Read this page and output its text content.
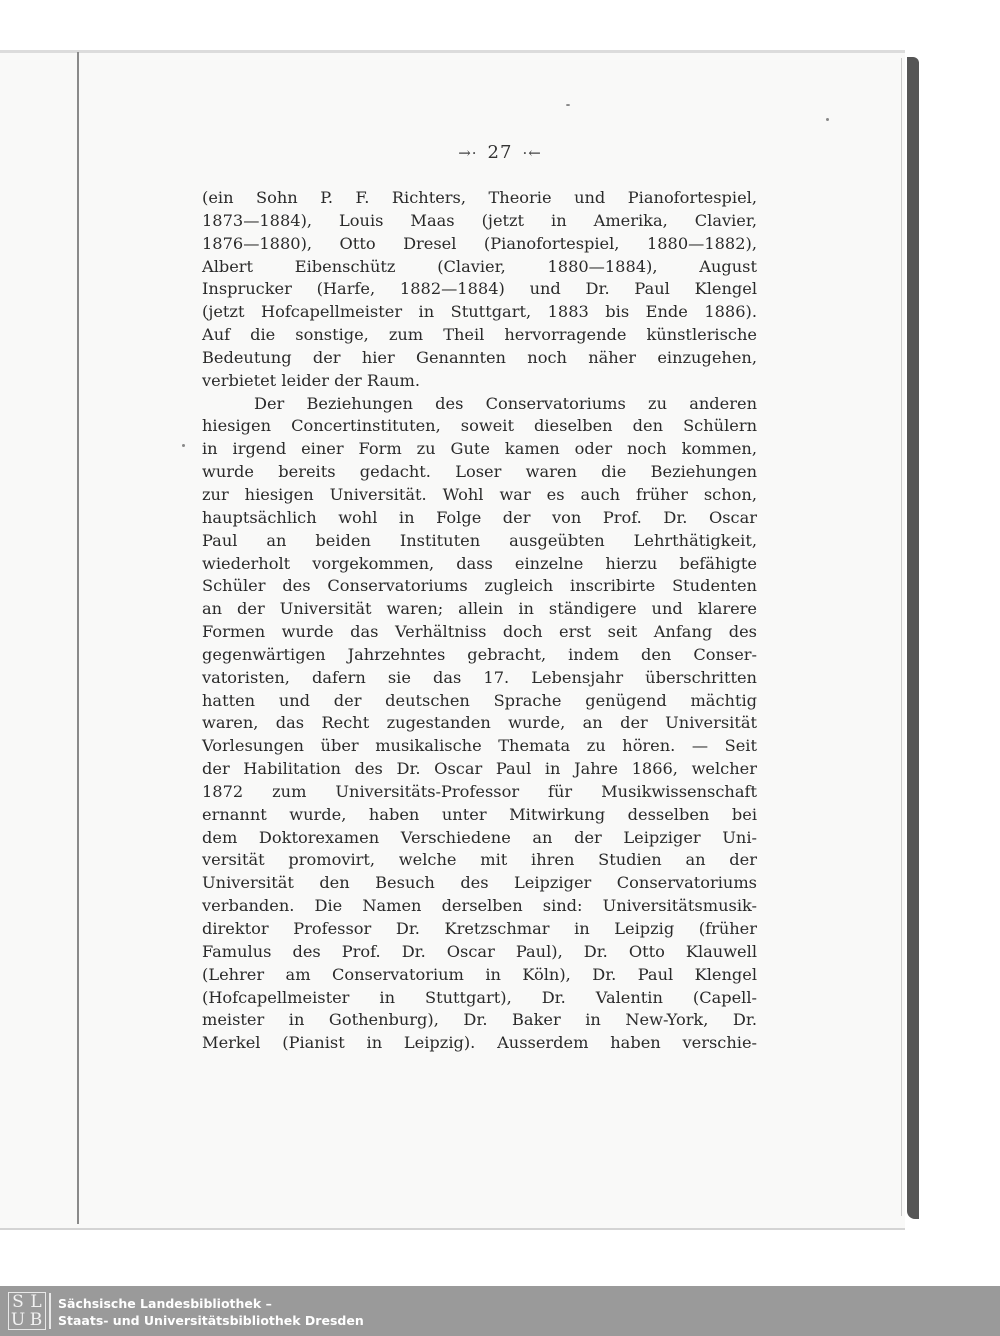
→· 27 ·←
(ein Sohn P. F. Richters, Theorie und Pianofortespiel,
1873—1884), Louis Maas (jetzt in Amerika, Clavier,
1876—1880), Otto Dresel (Pianofortespiel, 1880—1882),
Albert Eibenschütz (Clavier, 1880—1884), August
Insprucker (Harfe, 1882—1884) und Dr. Paul Klengel
(jetzt Hofcapellmeister in Stuttgart, 1883 bis Ende 1886).
Auf die sonstige, zum Theil hervorragende künstlerische
Bedeutung der hier Genannten noch näher einzugehen,
verbietet leider der Raum.
Der Beziehungen des Conservatoriums zu anderen
hiesigen Concertinstituten, soweit dieselben den Schülern
in irgend einer Form zu Gute kamen oder noch kommen,
wurde bereits gedacht. Loser waren die Beziehungen
zur hiesigen Universität. Wohl war es auch früher schon,
hauptsächlich wohl in Folge der von Prof. Dr. Oscar
Paul an beiden Instituten ausgeübten Lehrthätigkeit,
wiederholt vorgekommen, dass einzelne hierzu befähigte
Schüler des Conservatoriums zugleich inscribirte Studenten
an der Universität waren; allein in ständigere und klarere
Formen wurde das Verhältniss doch erst seit Anfang des
gegenwärtigen Jahrzehntes gebracht, indem den Conser-
vatoristen, dafern sie das 17. Lebensjahr überschritten
hatten und der deutschen Sprache genügend mächtig
waren, das Recht zugestanden wurde, an der Universität
Vorlesungen über musikalische Themata zu hören. — Seit
der Habilitation des Dr. Oscar Paul in Jahre 1866, welcher
1872 zum Universitäts-Professor für Musikwissenschaft
ernannt wurde, haben unter Mitwirkung desselben bei
dem Doktorexamen Verschiedene an der Leipziger Uni-
versität promovirt, welche mit ihren Studien an der
Universität den Besuch des Leipziger Conservatoriums
verbanden. Die Namen derselben sind: Universitätsmusik-
direktor Professor Dr. Kretzschmar in Leipzig (früher
Famulus des Prof. Dr. Oscar Paul), Dr. Otto Klauwell
(Lehrer am Conservatorium in Köln), Dr. Paul Klengel
(Hofcapellmeister in Stuttgart), Dr. Valentin (Capell-
meister in Gothenburg), Dr. Baker in New-York, Dr.
Merkel (Pianist in Leipzig). Ausserdem haben verschie-
S L
U B
Sächsische Landesbibliothek –
Staats- und Universitätsbibliothek Dresden
